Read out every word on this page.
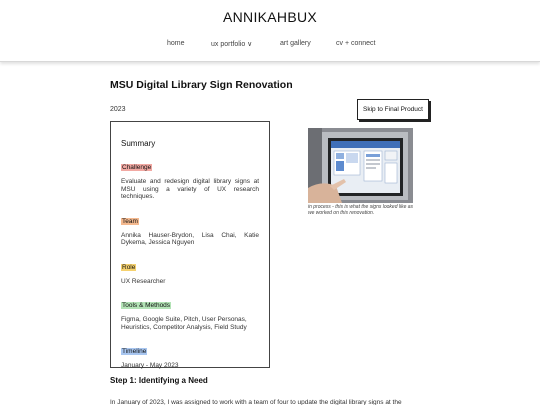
ANNIKAHBUX
home	ux portfolio ∨	art gallery	cv + connect
MSU Digital Library Sign Renovation
2023	Skip to Final Product
Summary
Challenge

Evaluate and redesign digital library signs at MSU using a variety of UX research techniques.

Team

Annika Hauser-Brydon, Lisa Chai, Katie Dykema, Jessica Nguyen

Role

UX Researcher

Tools & Methods

Figma, Google Suite, Pitch, User Personas, Heuristics, Competitor Analysis, Field Study

Timeline

January - May 2023

in process - this is what the signs looked like as we worked on this renovation.

Step 1: Identifying a Need

In January of 2023, I was assigned to work with a team of four to update the digital library signs at the
